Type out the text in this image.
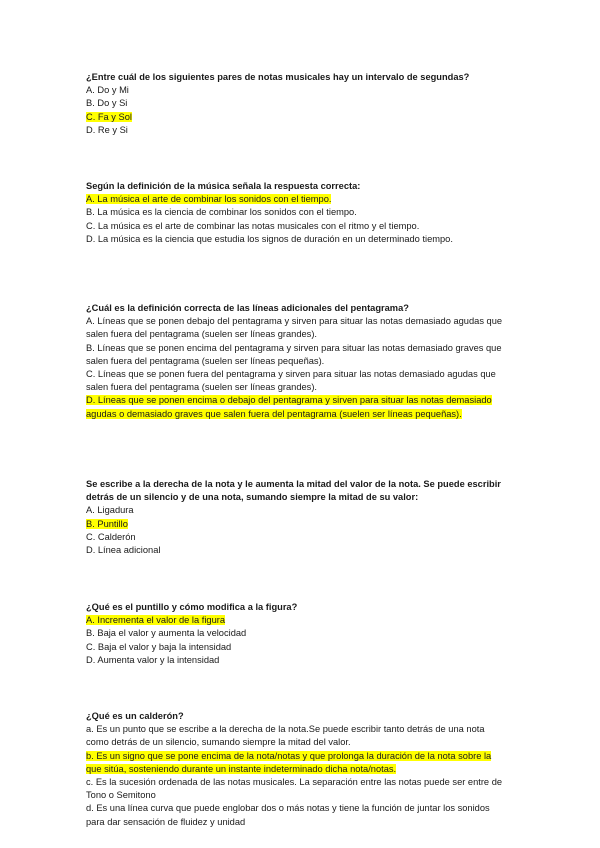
¿Entre cuál de los siguientes pares de notas musicales hay un intervalo de segundas?
A. Do y Mi
B. Do y Si
C. Fa y Sol
D. Re y Si
Según la definición de la música señala la respuesta correcta:
A. La música el arte de combinar los sonidos con el tiempo.
B. La música es la ciencia de combinar los sonidos con el tiempo.
C. La música es el arte de combinar las notas musicales con el ritmo y el tiempo.
D. La música es la ciencia que estudia los signos de duración en un determinado tiempo.
¿Cuál es la definición correcta de las líneas adicionales del pentagrama?
A. Líneas que se ponen debajo del pentagrama y sirven para situar las notas demasiado agudas que salen fuera del pentagrama (suelen ser líneas grandes).
B. Líneas que se ponen encima del pentagrama y sirven para situar las notas demasiado graves que salen fuera del pentagrama (suelen ser líneas pequeñas).
C. Líneas que se ponen fuera del pentagrama y sirven para situar las notas demasiado agudas que salen fuera del pentagrama (suelen ser líneas grandes).
D. Líneas que se ponen encima o debajo del pentagrama y sirven para situar las notas demasiado agudas o demasiado graves que salen fuera del pentagrama (suelen ser líneas pequeñas).
Se escribe a la derecha de la nota y le aumenta la mitad del valor de la nota. Se puede escribir detrás de un silencio y de una nota, sumando siempre la mitad de su valor:
A. Ligadura
B. Puntillo
C. Calderón
D. Línea adicional
¿Qué es el puntillo y cómo modifica a la figura?
A. Incrementa el valor de la figura
B. Baja el valor y aumenta la velocidad
C. Baja el valor y baja la intensidad
D. Aumenta valor y la intensidad
¿Qué es un calderón?
a. Es un punto que se escribe a la derecha de la nota.Se puede escribir tanto detrás de una nota como detrás de un silencio, sumando siempre la mitad del valor.
b. Es un signo que se pone encima de la nota/notas y que prolonga la duración de la nota sobre la que sitúa, sosteniendo durante un instante indeterminado dicha nota/notas.
c. Es la sucesión ordenada de las notas musicales. La separación entre las notas puede ser entre de Tono o Semitono
d. Es una línea curva que puede englobar dos o más notas y tiene la función de juntar los sonidos para dar sensación de fluidez y unidad
